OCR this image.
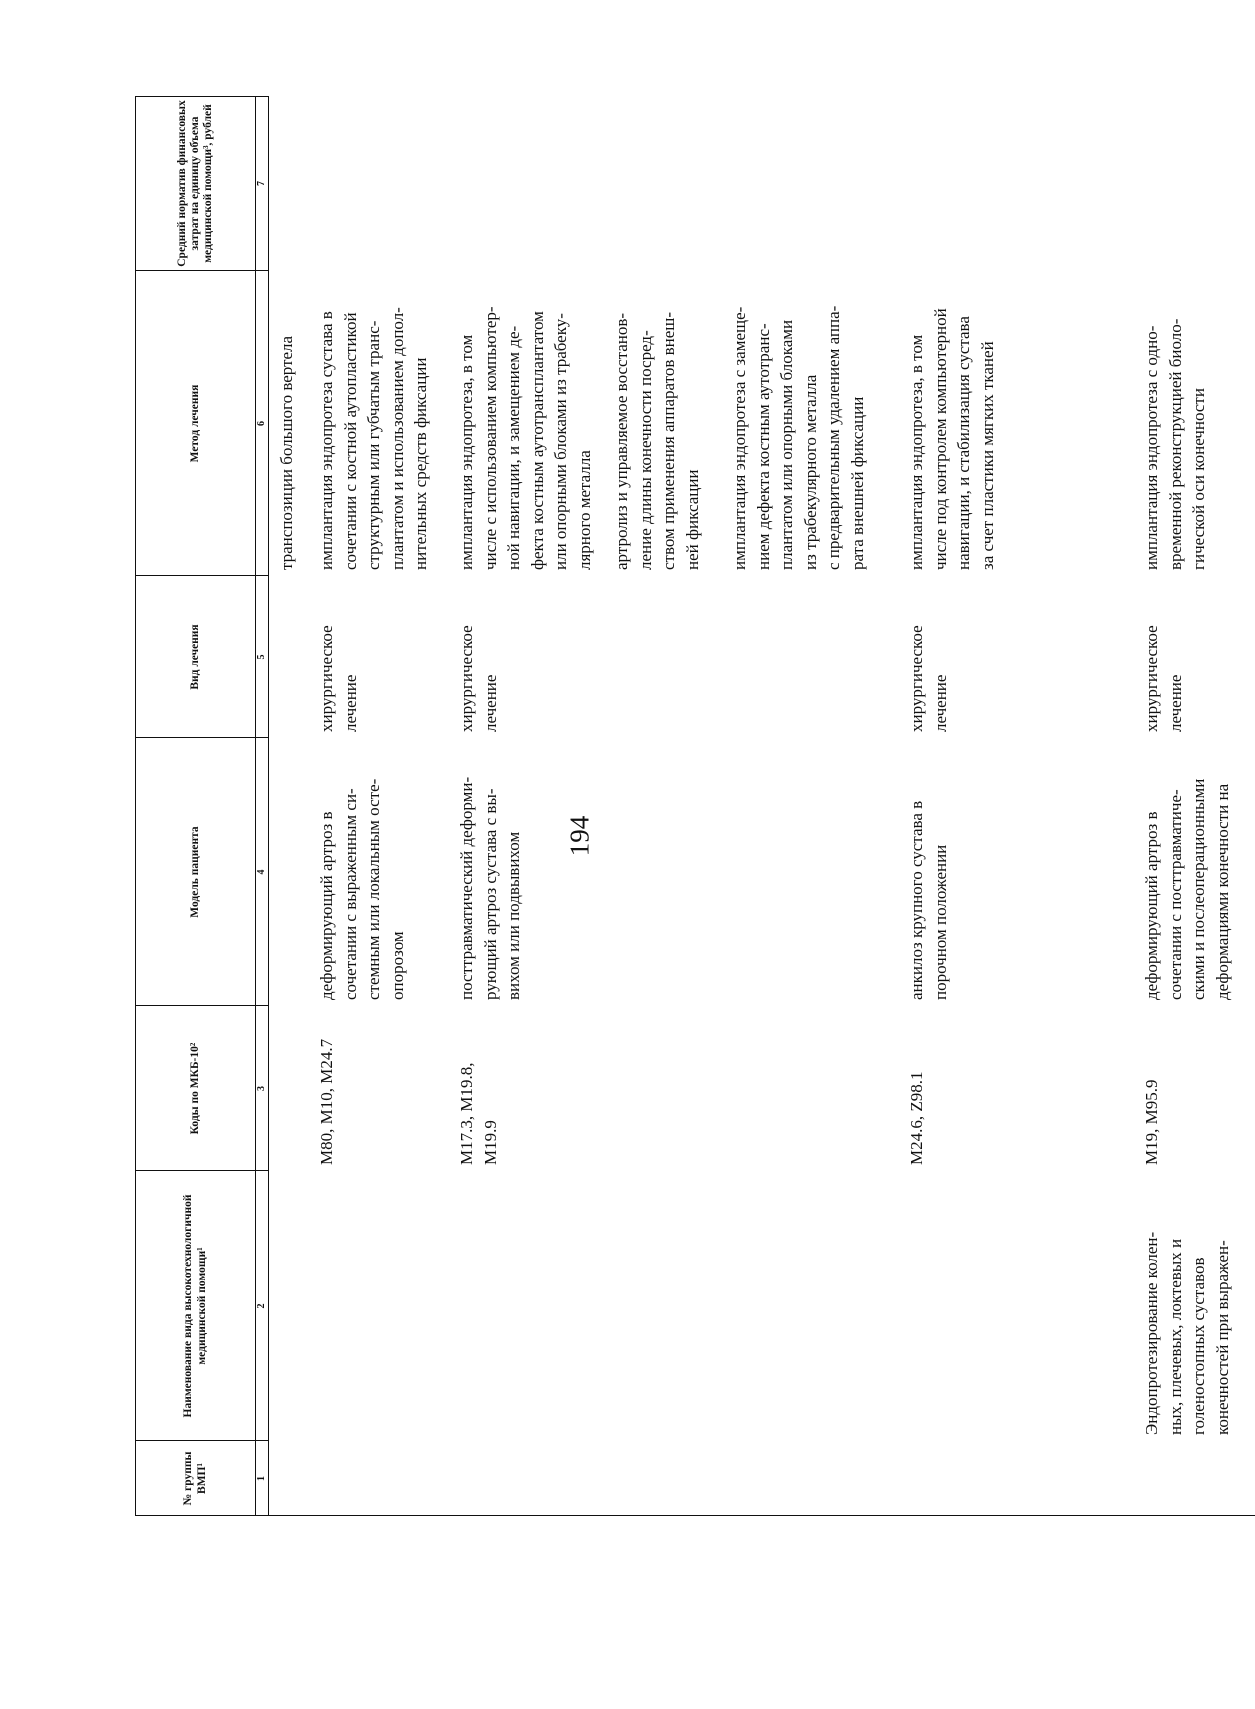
194
№ группы ВМП¹
Наименование вида высокотехнологичной медицинской помощи¹
Коды по МКБ-10²
Модель пациента
Вид лечения
Метод лечения
Средний норматив финансовых затрат на единицу объема медицинской помощи³, рублей
1
2
3
4
5
6
7
транспозиции большого вертела
M80, M10, M24.7
деформирующий артроз в
сочетании с выраженным си-
стемным или локальным осте-
опорозом
хирургическое
лечение
имплантация эндопротеза сустава в
сочетании с костной аутопластикой
структурным или губчатым транс-
плантатом и использованием допол-
нительных средств фиксации
M17.3, M19.8,
M19.9
посттравматический деформи-
рующий артроз сустава с вы-
вихом или подвывихом
хирургическое
лечение
имплантация эндопротеза, в том
числе с использованием компьютер-
ной навигации, и замещением де-
фекта костным аутотрансплантатом
или опорными блоками из трабеку-
лярного металла
артролиз и управляемое восстанов-
ление длины конечности посред-
ством применения аппаратов внеш-
ней фиксации имплантация эндопротеза с замеще-
нием дефекта костным аутотранс-
плантатом или опорными блоками
из трабекулярного металла
с предварительным удалением аппа-
рата внешней фиксации
M24.6, Z98.1
анкилоз крупного сустава в
порочном положении
хирургическое
лечение
имплантация эндопротеза, в том
числе под контролем компьютерной
навигации, и стабилизация сустава
за счет пластики мягких тканей
Эндопротезирование колен-
ных, плечевых, локтевых и
голеностопных суставов
конечностей при выражен-
M19, M95.9
деформирующий артроз в
сочетании с посттравматиче-
скими и послеоперационными
деформациями конечности на
хирургическое
лечение
имплантация эндопротеза с одно-
временной реконструкцией биоло-
гической оси конечности
